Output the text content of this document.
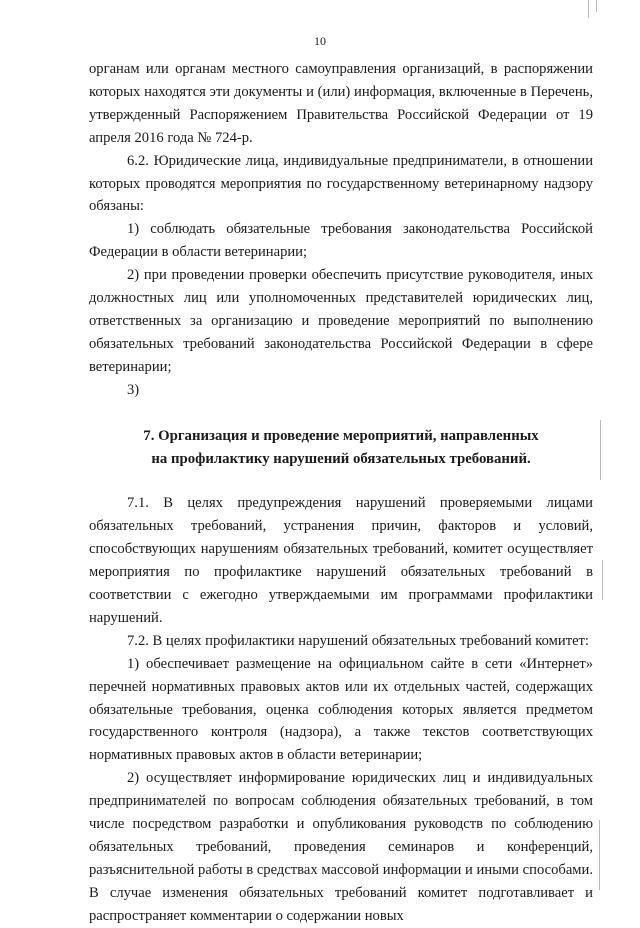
10

органам или органам местного самоуправления организаций, в распоряжении которых находятся эти документы и (или) информация, включенные в Перечень, утвержденный Распоряжением Правительства Российской Федерации от 19 апреля 2016 года № 724-р.

6.2. Юридические лица, индивидуальные предприниматели, в отношении которых проводятся мероприятия по государственному ветеринарному надзору обязаны:

1) соблюдать обязательные требования законодательства Российской Федерации в области ветеринарии;

2) при проведении проверки обеспечить присутствие руководителя, иных должностных лиц или уполномоченных представителей юридических лиц, ответственных за организацию и проведение мероприятий по выполнению обязательных требований законодательства Российской Федерации в сфере ветеринарии;

3)

7. Организация и проведение мероприятий, направленных
на профилактику нарушений обязательных требований.

7.1. В целях предупреждения нарушений проверяемыми лицами обязательных требований, устранения причин, факторов и условий, способствующих нарушениям обязательных требований, комитет осуществляет мероприятия по профилактике нарушений обязательных требований в соответствии с ежегодно утверждаемыми им программами профилактики нарушений.

7.2. В целях профилактики нарушений обязательных требований комитет:

1) обеспечивает размещение на официальном сайте в сети «Интернет» перечней нормативных правовых актов или их отдельных частей, содержащих обязательные требования, оценка соблюдения которых является предметом государственного контроля (надзора), а также текстов соответствующих нормативных правовых актов в области ветеринарии;

2) осуществляет информирование юридических лиц и индивидуальных предпринимателей по вопросам соблюдения обязательных требований, в том числе посредством разработки и опубликования руководств по соблюдению обязательных требований, проведения семинаров и конференций, разъяснительной работы в средствах массовой информации и иными способами. В случае изменения обязательных требований комитет подготавливает и распространяет комментарии о содержании новых
